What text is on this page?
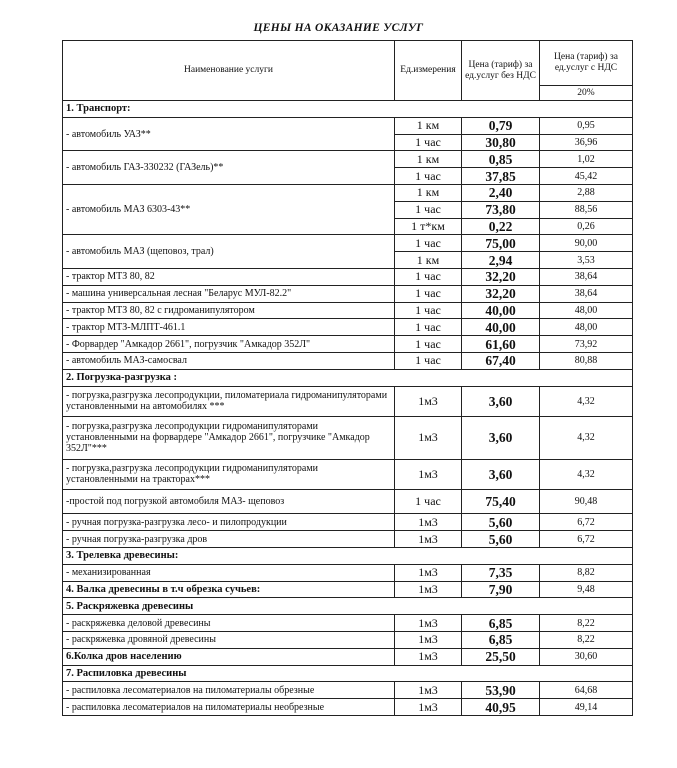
ЦЕНЫ НА ОКАЗАНИЕ УСЛУГ
Наименование услуги	Ед.измерения	Цена (тариф) за ед.услуг без НДС	Цена (тариф) за ед.услуг с НДС
			20%
1. Транспорт:			
- автомобиль УАЗ**	1 км	0,79	0,95
	1 час	30,80	36,96
- автомобиль ГАЗ-330232 (ГАЗель)**	1 км	0,85	1,02
	1 час	37,85	45,42
- автомобиль МАЗ 6303-43**	1 км	2,40	2,88
	1 час	73,80	88,56
	1 т*км	0,22	0,26
- автомобиль МАЗ (щеповоз, трал)	1 час	75,00	90,00
	1 км	2,94	3,53
- трактор МТЗ 80, 82	1 час	32,20	38,64
- машина универсальная лесная "Беларус МУЛ-82.2"	1 час	32,20	38,64
- трактор МТЗ 80, 82 с гидроманипулятором	1 час	40,00	48,00
- трактор МТЗ-МЛПТ-461.1	1 час	40,00	48,00
- Форвардер "Амкадор 2661", погрузчик "Амкадор 352Л"	1 час	61,60	73,92
- автомобиль МАЗ-самосвал	1 час	67,40	80,88
2. Погрузка-разгрузка :			
- погрузка,разгрузка лесопродукции, пиломатериала гидроманипуляторами установленными на автомобилях ***	1м3	3,60	4,32
- погрузка,разгрузка лесопродукции гидроманипуляторами установленными на форвардере "Амкадор 2661", погрузчике "Амкадор 352Л"***	1м3	3,60	4,32
- погрузка,разгрузка лесопродукции гидроманипуляторами установленными на тракторах***	1м3	3,60	4,32
-простой под погрузкой автомобиля МАЗ- щеповоз	1 час	75,40	90,48
- ручная погрузка-разгрузка лесо- и пилопродукции	1м3	5,60	6,72
- ручная погрузка-разгрузка дров	1м3	5,60	6,72
3. Трелевка древесины:			
- механизированная	1м3	7,35	8,82
4. Валка древесины в т.ч обрезка сучьев:	1м3	7,90	9,48
5. Раскряжевка древесины			
- раскряжевка деловой древесины	1м3	6,85	8,22
- раскряжевка дровяной древесины	1м3	6,85	8,22
6.Колка дров населению	1м3	25,50	30,60
7. Распиловка древесины			
- распиловка лесоматериалов на пиломатериалы обрезные	1м3	53,90	64,68
- распиловка лесоматериалов на пиломатериалы необрезные	1м3	40,95	49,14
